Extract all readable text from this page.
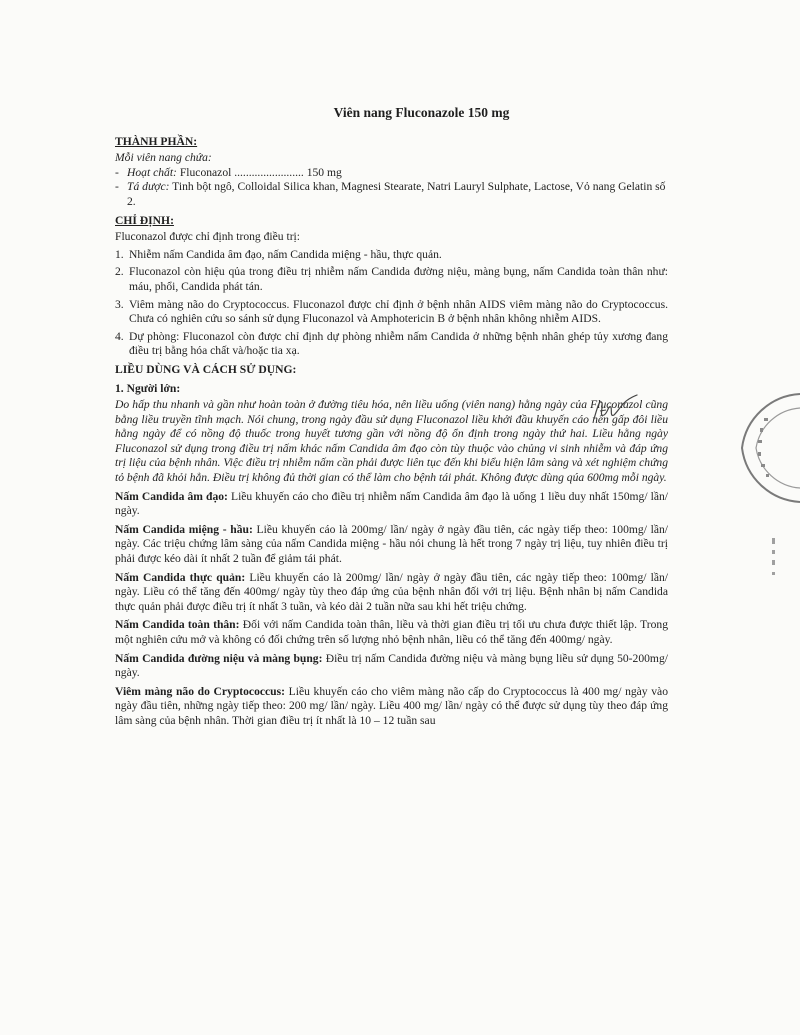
Viên nang Fluconazole 150 mg
THÀNH PHẦN:

Mỗi viên nang chứa:

- Hoạt chất: Fluconazol ........................ 150 mg
- Tá dược: Tinh bột ngô, Colloidal Silica khan, Magnesi Stearate, Natri Lauryl Sulphate, Lactose, Vỏ nang Gelatin số 2.
CHỈ ĐỊNH:

Fluconazol được chỉ định trong điều trị:

1. Nhiễm nấm Candida âm đạo, nấm Candida miệng - hầu, thực quản.
2. Fluconazol còn hiệu qủa trong điều trị nhiễm nấm Candida đường niệu, màng bụng, nấm Candida toàn thân như: máu, phổi, Candida phát tán.
3. Viêm màng não do Cryptococcus. Fluconazol được chỉ định ở bệnh nhân AIDS viêm màng não do Cryptococcus. Chưa có nghiên cứu so sánh sử dụng Fluconazol và Amphotericin B ở bệnh nhân không nhiễm AIDS.
4. Dự phòng: Fluconazol còn được chỉ định dự phòng nhiễm nấm Candida ở những bệnh nhân ghép tủy xương đang điều trị bằng hóa chất và/hoặc tia xạ.
LIỀU DÙNG VÀ CÁCH SỬ DỤNG:
1. Người lớn:

Do hấp thu nhanh và gần như hoàn toàn ở đường tiêu hóa, nên liều uống (viên nang) hằng ngày của Fluconazol cũng bằng liều truyền tĩnh mạch. Nói chung, trong ngày đầu sử dụng Fluconazol liều khởi đầu khuyến cáo nên gấp đôi liều hằng ngày để có nồng độ thuốc trong huyết tương gần với nồng độ ổn định trong ngày thứ hai. Liều hằng ngày Fluconazol sử dụng trong điều trị nấm khác nấm Candida âm đạo còn tùy thuộc vào chủng vi sinh nhiễm và đáp ứng trị liệu của bệnh nhân. Việc điều trị nhiễm nấm cần phải được liên tục đến khi biểu hiện lâm sàng và xét nghiệm chứng tỏ bệnh đã khỏi hẳn. Điều trị không đủ thời gian có thể làm cho bệnh tái phát. Không được dùng qúa 600mg mỗi ngày.

Nấm Candida âm đạo: Liều khuyến cáo cho điều trị nhiễm nấm Candida âm đạo là uống 1 liều duy nhất 150mg/ lần/ ngày.

Nấm Candida miệng - hầu: Liều khuyến cáo là 200mg/ lần/ ngày ở ngày đầu tiên, các ngày tiếp theo: 100mg/ lần/ ngày. Các triệu chứng lâm sàng của nấm Candida miệng - hầu nói chung là hết trong 7 ngày trị liệu, tuy nhiên điều trị phải được kéo dài ít nhất 2 tuần để giảm tái phát.

Nấm Candida thực quản: Liều khuyến cáo là 200mg/ lần/ ngày ở ngày đầu tiên, các ngày tiếp theo: 100mg/ lần/ ngày. Liều có thể tăng đến 400mg/ ngày tùy theo đáp ứng của bệnh nhân đối với trị liệu. Bệnh nhân bị nấm Candida thực quản phải được điều trị ít nhất 3 tuần, và kéo dài 2 tuần nữa sau khi hết triệu chứng.

Nấm Candida toàn thân: Đối với nấm Candida toàn thân, liều và thời gian điều trị tối ưu chưa được thiết lập. Trong một nghiên cứu mở và không có đối chứng trên số lượng nhỏ bệnh nhân, liều có thể tăng đến 400mg/ ngày.

Nấm Candida đường niệu và màng bụng: Điều trị nấm Candida đường niệu và màng bụng liều sử dụng 50-200mg/ ngày.

Viêm màng não do Cryptococcus: Liều khuyến cáo cho viêm màng não cấp do Cryptococcus là 400 mg/ ngày vào ngày đầu tiên, những ngày tiếp theo: 200 mg/ lần/ ngày. Liều 400 mg/ lần/ ngày có thể được sử dụng tùy theo đáp ứng lâm sàng của bệnh nhân. Thời gian điều trị ít nhất là 10 – 12 tuần sau
